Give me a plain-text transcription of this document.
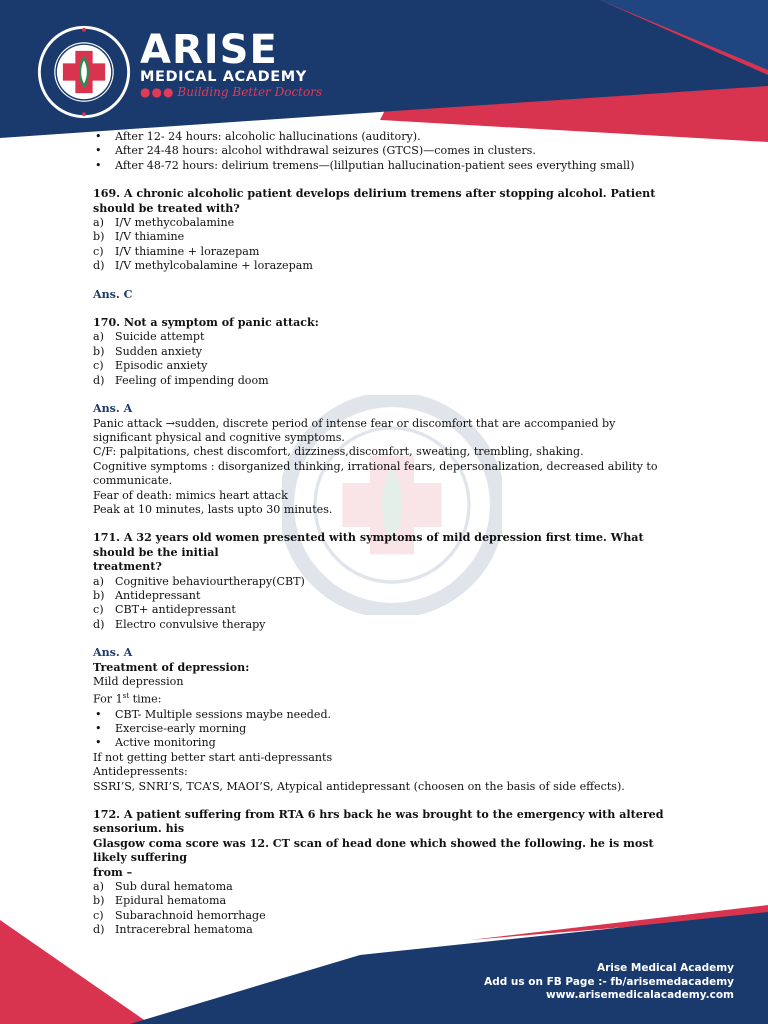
ARISE
MEDICAL ACADEMY
●●● Building Better Doctors
• After 12- 24 hours: alcoholic hallucinations (auditory).
• After 24-48 hours: alcohol withdrawal seizures (GTCS)—comes in clusters.
• After 48-72 hours: delirium tremens—(lillputian hallucination-patient sees everything small)

169. A chronic alcoholic patient develops delirium tremens after stopping alcohol. Patient should be treated with?

a) I/V methycobalamine
b) I/V thiamine
c) I/V thiamine + lorazepam
d) I/V methylcobalamine + lorazepam

Ans. C

170. Not a symptom of panic attack:

a) Suicide attempt
b) Sudden anxiety
c) Episodic anxiety
d) Feeling of impending doom

Ans. A

Panic attack →sudden, discrete period of intense fear or discomfort that are accompanied by significant physical and cognitive symptoms.

C/F: palpitations, chest discomfort, dizziness,discomfort, sweating, trembling, shaking.

Cognitive symptoms : disorganized thinking, irrational fears, depersonalization, decreased ability to communicate.

Fear of death: mimics heart attack

Peak at 10 minutes, lasts upto 30 minutes.

171. A 32 years old women presented with symptoms of mild depression first time. What should be the initial

treatment?

a) Cognitive behaviourtherapy(CBT)
b) Antidepressant
c) CBT+ antidepressant
d) Electro convulsive therapy

Ans. A

Treatment of depression:

Mild depression

For 1st time:

• CBT- Multiple sessions maybe needed.
• Exercise-early morning
• Active monitoring

If not getting better start anti-depressants

Antidepressents:

SSRI’S, SNRI’S, TCA’S, MAOI’S, Atypical antidepressant (choosen on the basis of side effects).

172. A patient suffering from RTA 6 hrs back he was brought to the emergency with altered sensorium. his

Glasgow coma score was 12. CT scan of head done which showed the following. he is most likely suffering

from –

a) Sub dural hematoma
b) Epidural hematoma
c) Subarachnoid hemorrhage
d) Intracerebral hematoma
Arise Medical Academy
Add us on FB Page :- fb/arisemedacademy
www.arisemedicalacademy.com
